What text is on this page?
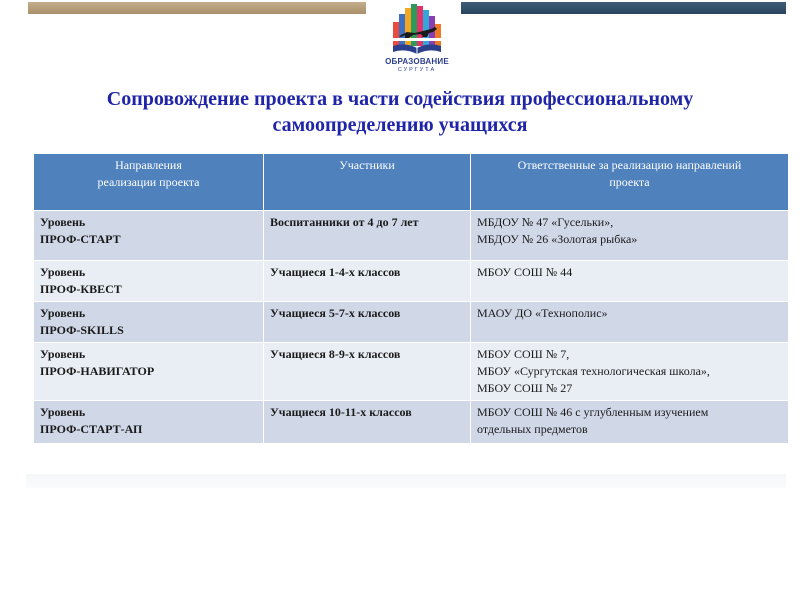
ОБРАЗОВАНИЕ
СУРГУТА
Сопровождение проекта в части содействия профессиональному
самоопределению учащихся
Направления
реализации проекта	Участники	Ответственные за реализацию направлений
проекта

Уровень
ПРОФ-СТАРТ	Воспитанники от 4 до 7 лет	МБДОУ № 47 «Гусельки»,
МБДОУ № 26 «Золотая рыбка»

Уровень
ПРОФ-КВЕСТ	Учащиеся 1-4-х классов	МБОУ СОШ № 44

Уровень
ПРОФ-SKILLS	Учащиеся 5-7-х классов	МАОУ ДО «Технополис»

Уровень
ПРОФ-НАВИГАТОР	Учащиеся 8-9-х классов	МБОУ СОШ № 7,
МБОУ «Сургутская технологическая школа»,
МБОУ СОШ № 27

Уровень
ПРОФ-СТАРТ-АП	Учащиеся 10-11-х классов	МБОУ СОШ № 46 с углубленным изучением
отдельных предметов
